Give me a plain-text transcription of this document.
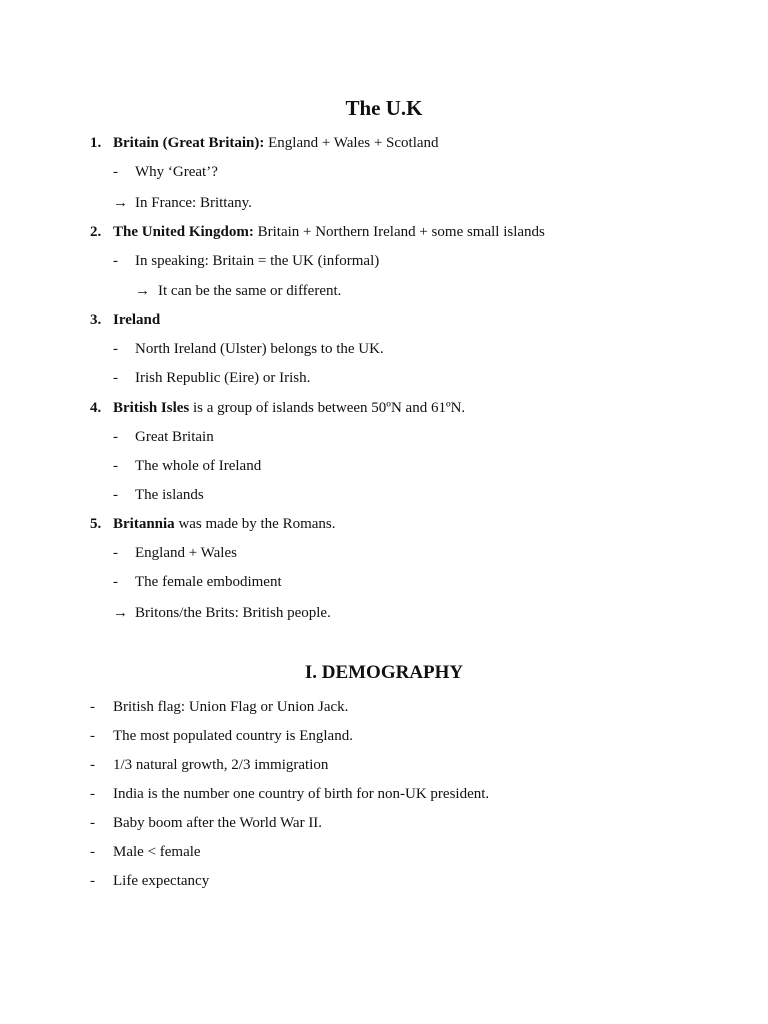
The U.K
1. Britain (Great Britain): England + Wales + Scotland
- Why ‘Great’?
→ In France: Brittany.
2. The United Kingdom: Britain + Northern Ireland + some small islands
- In speaking: Britain = the UK (informal)
→ It can be the same or different.
3. Ireland
- North Ireland (Ulster) belongs to the UK.
- Irish Republic (Eire) or Irish.
4. British Isles is a group of islands between 50ºN and 61ºN.
- Great Britain
- The whole of Ireland
- The islands
5. Britannia was made by the Romans.
- England + Wales
- The female embodiment
→ Britons/the Brits: British people.
I. DEMOGRAPHY
- British flag: Union Flag or Union Jack.
- The most populated country is England.
- 1/3 natural growth, 2/3 immigration
- India is the number one country of birth for non-UK president.
- Baby boom after the World War II.
- Male < female
- Life expectancy
